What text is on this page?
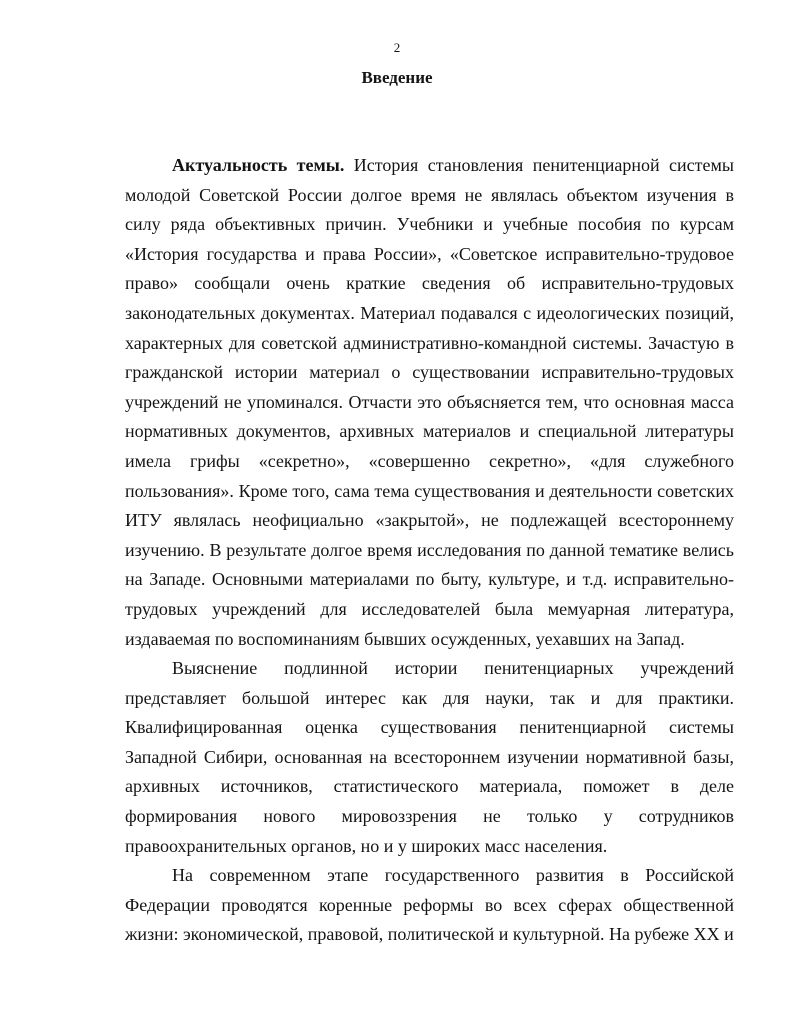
2
Введение

Актуальность темы. История становления пенитенциарной системы молодой Советской России долгое время не являлась объектом изучения в силу ряда объективных причин. Учебники и учебные пособия по курсам «История государства и права России», «Советское исправительно-трудовое право» сообщали очень краткие сведения об исправительно-трудовых законодательных документах. Материал подавался с идеологических позиций, характерных для советской административно-командной системы. Зачастую в гражданской истории материал о существовании исправительно-трудовых учреждений не упоминался. Отчасти это объясняется тем, что основная масса нормативных документов, архивных материалов и специальной литературы имела грифы «секретно», «совершенно секретно», «для служебного пользования». Кроме того, сама тема существования и деятельности советских ИТУ являлась неофициально «закрытой», не подлежащей всестороннему изучению. В результате долгое время исследования по данной тематике велись на Западе. Основными материалами по быту, культуре, и т.д. исправительно-трудовых учреждений для исследователей была мемуарная литература, издаваемая по воспоминаниям бывших осужденных, уехавших на Запад.

Выяснение подлинной истории пенитенциарных учреждений представляет большой интерес как для науки, так и для практики. Квалифицированная оценка существования пенитенциарной системы Западной Сибири, основанная на всестороннем изучении нормативной базы, архивных источников, статистического материала, поможет в деле формирования нового мировоззрения не только у сотрудников правоохранительных органов, но и у широких масс населения.

На современном этапе государственного развития в Российской Федерации проводятся коренные реформы во всех сферах общественной жизни: экономической, правовой, политической и культурной. На рубеже XX и
